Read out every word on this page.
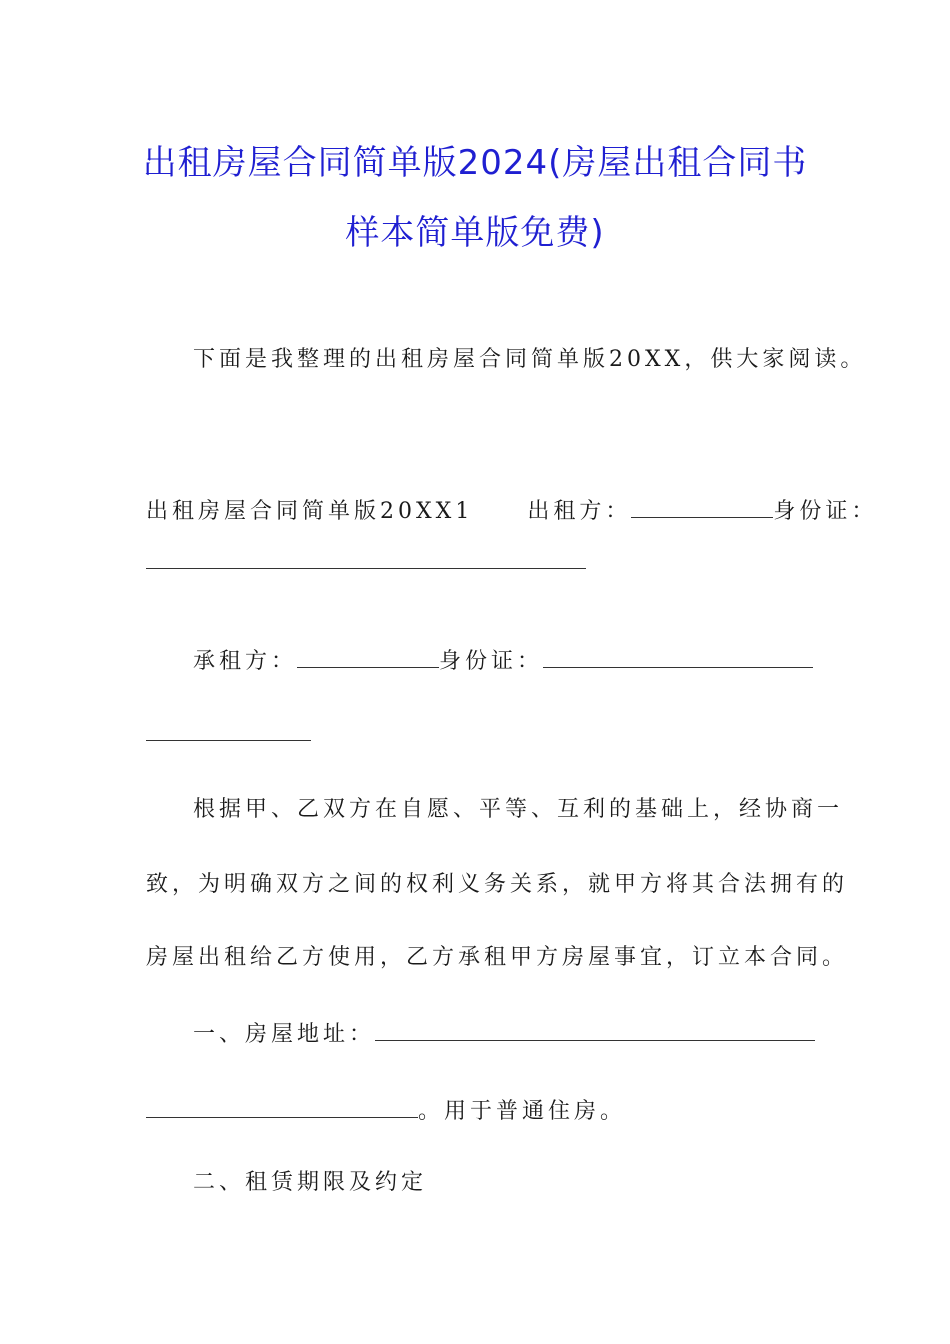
出租房屋合同简单版2024(房屋出租合同书
样本简单版免费)
下面是我整理的出租房屋合同简单版20XX，供大家阅读。
出租房屋合同简单版20XX1 出租方：	身份证：
承租方：	身份证：
根据甲、乙双方在自愿、平等、互利的基础上，经协商一
致，为明确双方之间的权利义务关系，就甲方将其合法拥有的
房屋出租给乙方使用，乙方承租甲方房屋事宜，订立本合同。
一、房屋地址：
。用于普通住房。
二、租赁期限及约定
